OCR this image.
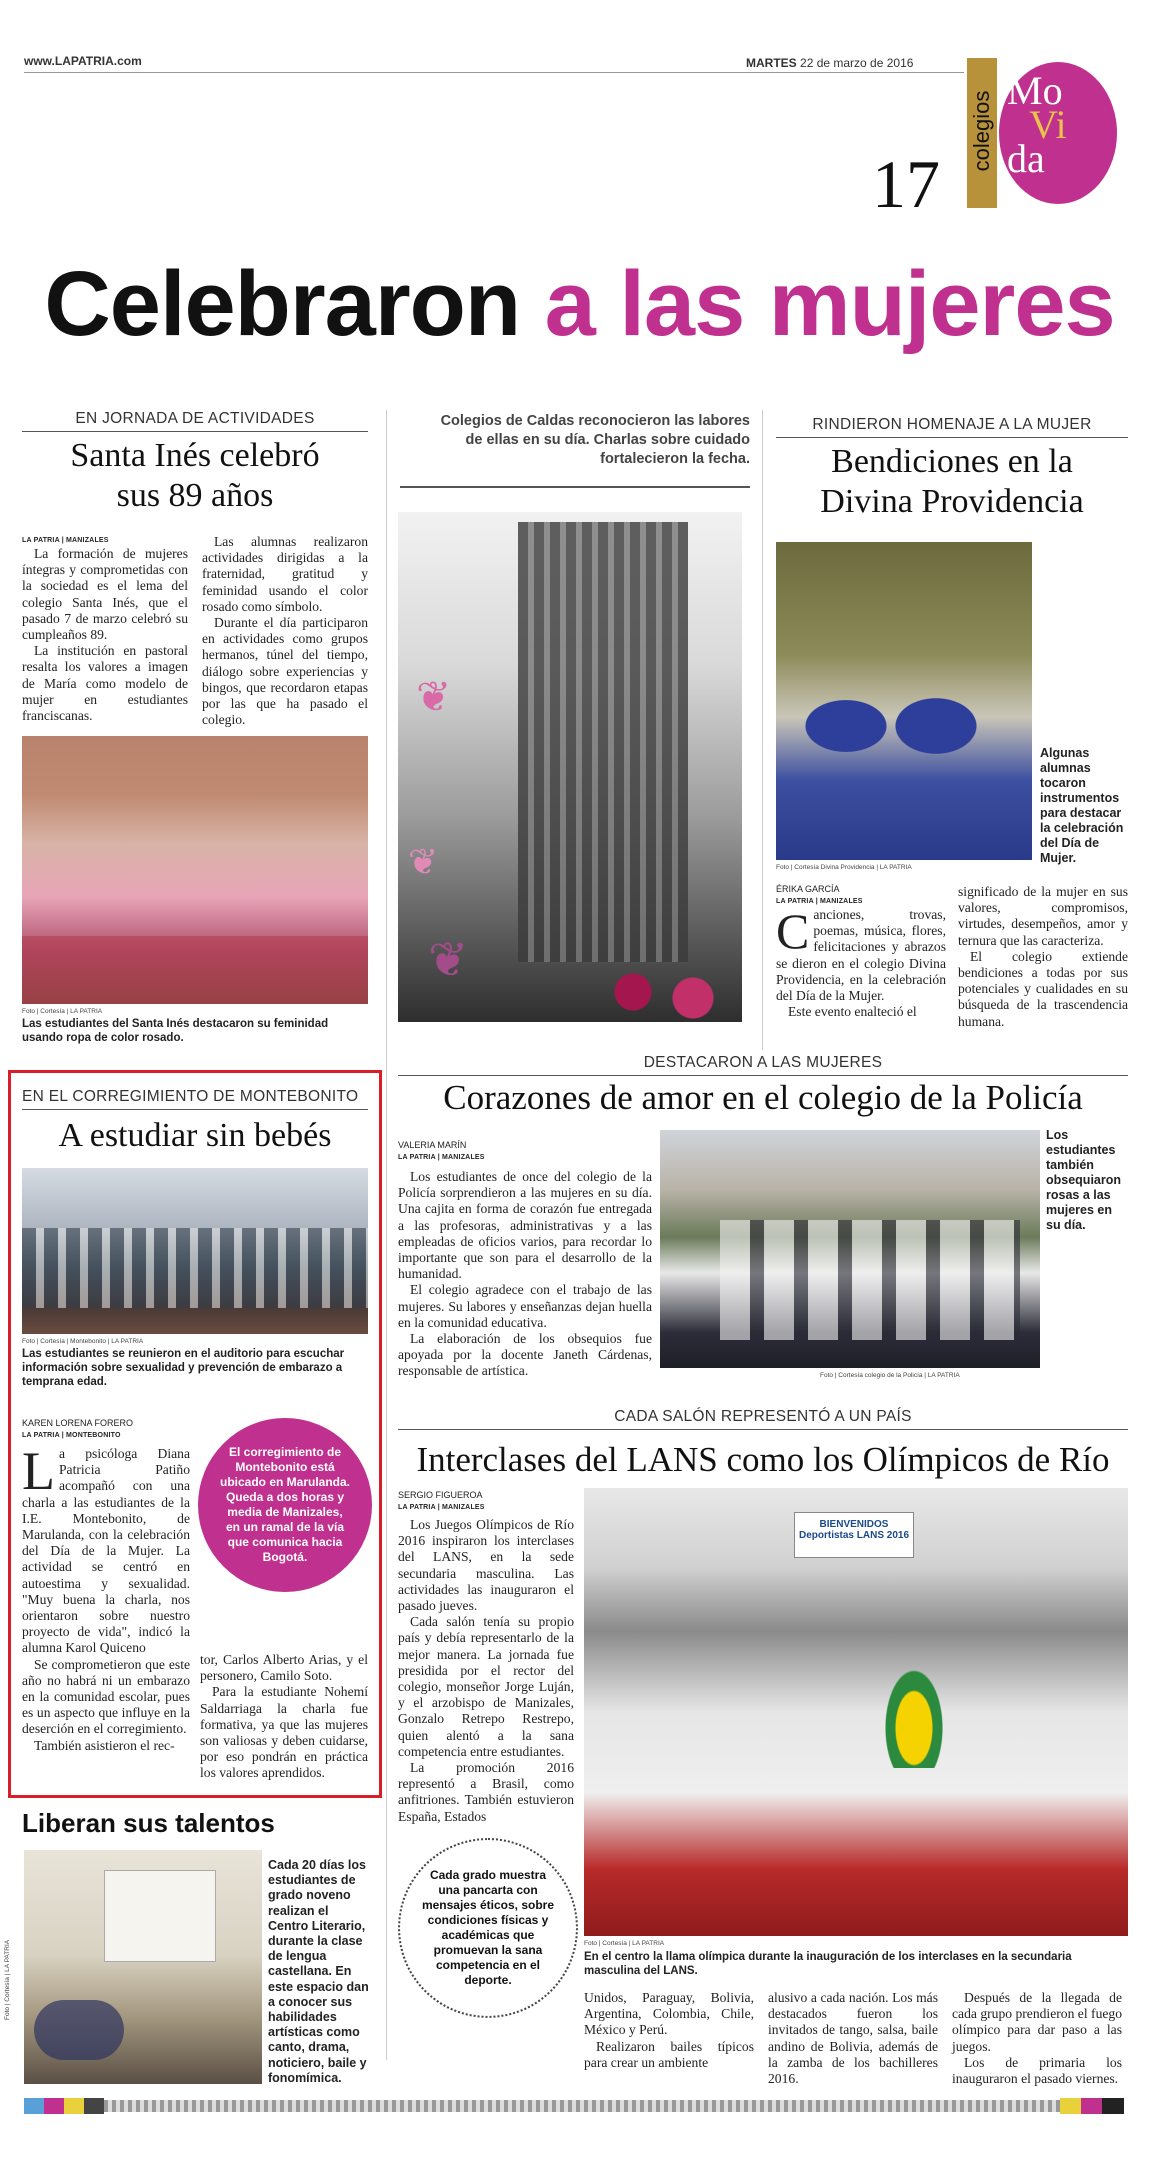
www.LAPATRIA.com	MARTES 22 de marzo de 2016
17
colegios
Mo
Vi
da
Celebraron a las mujeres
EN JORNADA DE ACTIVIDADES
Santa Inés celebró sus 89 años
LA PATRIA | MANIZALES

La formación de mujeres íntegras y comprometidas con la sociedad es el lema del colegio Santa Inés, que el pasado 7 de marzo celebró su cumpleaños 89.

La institución en pastoral resalta los valores a imagen de María como modelo de mujer en estudiantes franciscanas.

Las alumnas realizaron actividades dirigidas a la fraternidad, gratitud y feminidad usando el color rosado como símbolo.

Durante el día participaron en actividades como grupos hermanos, túnel del tiempo, diálogo sobre experiencias y bingos, que recordaron etapas por las que ha pasado el colegio.

Foto | Cortesía | LA PATRIA
Las estudiantes del Santa Inés destacaron su feminidad usando ropa de color rosado.
Colegios de Caldas reconocieron las labores de ellas en su día. Charlas sobre cuidado fortalecieron la fecha.
❦
❦
❦
RINDIERON HOMENAJE A LA MUJER
Bendiciones en la Divina Providencia
Algunas alumnas tocaron instrumentos para destacar la celebración del Día de Mujer.
Foto | Cortesía Divina Providencia | LA PATRIA
ÉRIKA GARCÍA
LA PATRIA | MANIZALES

Canciones, trovas, poemas, música, flores, felicitaciones y abrazos se dieron en el colegio Divina Providencia, en la celebración del Día de la Mujer.

Este evento enalteció el

significado de la mujer en sus valores, compromisos, virtudes, desempeños, amor y ternura que las caracteriza.

El colegio extiende bendiciones a todas por sus potenciales y cualidades en su búsqueda de la trascendencia humana.

EN EL CORREGIMIENTO DE MONTEBONITO
A estudiar sin bebés
Foto | Cortesía | Montebonito | LA PATRIA
Las estudiantes se reunieron en el auditorio para escuchar información sobre sexualidad y prevención de embarazo a temprana edad.
KAREN LORENA FORERO
LA PATRIA | MONTEBONITO

La psicóloga Diana Patricia Patiño acompañó con una charla a las estudiantes de la I.E. Montebonito, de Marulanda, con la celebración del Día de la Mujer. La actividad se centró en autoestima y sexualidad. "Muy buena la charla, nos orientaron sobre nuestro proyecto de vida", indicó la alumna Karol Quiceno

Se comprometieron que este año no habrá ni un embarazo en la comunidad escolar, pues es un aspecto que influye en la deserción en el corregimiento.

También asistieron el rec-

El corregimiento de Montebonito está ubicado en Marulanda. Queda a dos horas y media de Manizales, en un ramal de la vía que comunica hacia Bogotá.

tor, Carlos Alberto Arias, y el personero, Camilo Soto.

Para la estudiante Nohemí Saldarriaga la charla fue formativa, ya que las mujeres son valiosas y deben cuidarse, por eso pondrán en práctica los valores aprendidos.

DESTACARON A LAS MUJERES
Corazones de amor en el colegio de la Policía
VALERIA MARÍN
LA PATRIA | MANIZALES

Los estudiantes de once del colegio de la Policía sorprendieron a las mujeres en su día. Una cajita en forma de corazón fue entregada a las profesoras, administrativas y a las empleadas de oficios varios, para recordar lo importante que son para el desarrollo de la humanidad.

El colegio agradece con el trabajo de las mujeres. Su labores y enseñanzas dejan huella en la comunidad educativa.

La elaboración de los obsequios fue apoyada por la docente Janeth Cárdenas, responsable de artística.

Los estudiantes también obsequiaron rosas a las mujeres en su día.
Foto | Cortesía colegio de la Policía | LA PATRIA
CADA SALÓN REPRESENTÓ A UN PAÍS
Interclases del LANS como los Olímpicos de Río
SERGIO FIGUEROA
LA PATRIA | MANIZALES

Los Juegos Olímpicos de Río 2016 inspiraron los interclases del LANS, en la sede secundaria masculina. Las actividades las inauguraron el pasado jueves.

Cada salón tenía su propio país y debía representarlo de la mejor manera. La jornada fue presidida por el rector del colegio, monseñor Jorge Luján, y el arzobispo de Manizales, Gonzalo Retrepo Restrepo, quien alentó a la sana competencia entre estudiantes.

La promoción 2016 representó a Brasil, como anfitriones. También estuvieron España, Estados

Cada grado muestra una pancarta con mensajes éticos, sobre condiciones físicas y académicas que promuevan la sana competencia en el deporte.
BIENVENIDOS Deportistas LANS 2016
Foto | Cortesía | LA PATRIA
En el centro la llama olímpica durante la inauguración de los interclases en la secundaria masculina del LANS.

Unidos, Paraguay, Bolivia, Argentina, Colombia, Chile, México y Perú.

Realizaron bailes típicos para crear un ambiente

alusivo a cada nación. Los más destacados fueron los invitados de tango, salsa, baile andino de Bolivia, además de la zamba de los bachilleres 2016.

Después de la llegada de cada grupo prendieron el fuego olímpico para dar paso a las juegos.

Los de primaria los inauguraron el pasado viernes.

Liberan sus talentos
Foto | Cortesía | LA PATRIA
Cada 20 días los estudiantes de grado noveno realizan el Centro Literario, durante la clase de lengua castellana. En este espacio dan a conocer sus habilidades artísticas como canto, drama, noticiero, baile y fonomímica.
